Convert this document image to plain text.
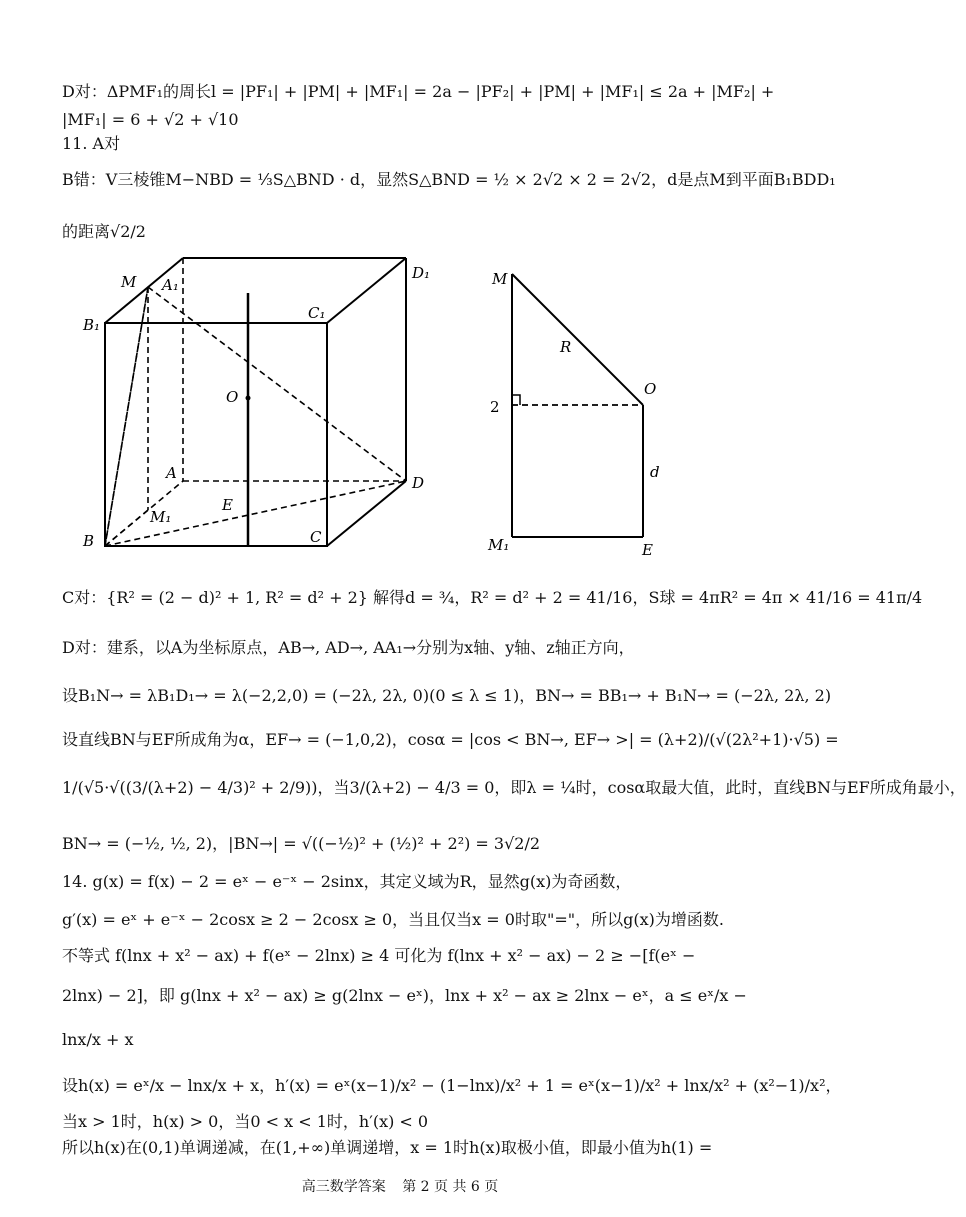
D对：ΔPMF₁的周长l = |PF₁| + |PM| + |MF₁| = 2a − |PF₂| + |PM| + |MF₁| ≤ 2a + |MF₂| +
|MF₁| = 6 + √2 + √10
11. A对
B错：V三棱锥M−NBD = ⅓S△BND · d，显然S△BND = ½ × 2√2 × 2 = 2√2，d是点M到平面B₁BDD₁
的距离√2/2
M A₁
D₁
B₁
C₁
O
A
D
E
M₁
B	C
M
R
O
2
d
M₁	E
C对：{R² = (2 − d)² + 1, R² = d² + 2} 解得d = ¾，R² = d² + 2 = 41/16，S球 = 4πR² = 4π × 41/16 = 41π/4
D对：建系，以A为坐标原点，AB→, AD→, AA₁→分别为x轴、y轴、z轴正方向，
设B₁N→ = λB₁D₁→ = λ(−2,2,0) = (−2λ, 2λ, 0)(0 ≤ λ ≤ 1)，BN→ = BB₁→ + B₁N→ = (−2λ, 2λ, 2)
设直线BN与EF所成角为α，EF→ = (−1,0,2)，cosα = |cos < BN→, EF→ >| = (λ+2)/(√(2λ²+1)·√5) =
1/(√5·√((3/(λ+2) − 4/3)² + 2/9))，当3/(λ+2) − 4/3 = 0，即λ = ¼时，cosα取最大值，此时，直线BN与EF所成角最小，
BN→ = (−½, ½, 2)，|BN→| = √((−½)² + (½)² + 2²) = 3√2/2
14. g(x) = f(x) − 2 = eˣ − e⁻ˣ − 2sinx，其定义域为R，显然g(x)为奇函数，
g′(x) = eˣ + e⁻ˣ − 2cosx ≥ 2 − 2cosx ≥ 0，当且仅当x = 0时取"="，所以g(x)为增函数.
不等式 f(lnx + x² − ax) + f(eˣ − 2lnx) ≥ 4 可化为 f(lnx + x² − ax) − 2 ≥ −[f(eˣ −
2lnx) − 2]，即 g(lnx + x² − ax) ≥ g(2lnx − eˣ)，lnx + x² − ax ≥ 2lnx − eˣ，a ≤ eˣ/x −
lnx/x + x
设h(x) = eˣ/x − lnx/x + x，h′(x) = eˣ(x−1)/x² − (1−lnx)/x² + 1 = eˣ(x−1)/x² + lnx/x² + (x²−1)/x²，
当x > 1时，h(x) > 0，当0 < x < 1时，h′(x) < 0
所以h(x)在(0,1)单调递减，在(1,+∞)单调递增，x = 1时h(x)取极小值，即最小值为h(1) =
高三数学答案 第 2 页 共 6 页
